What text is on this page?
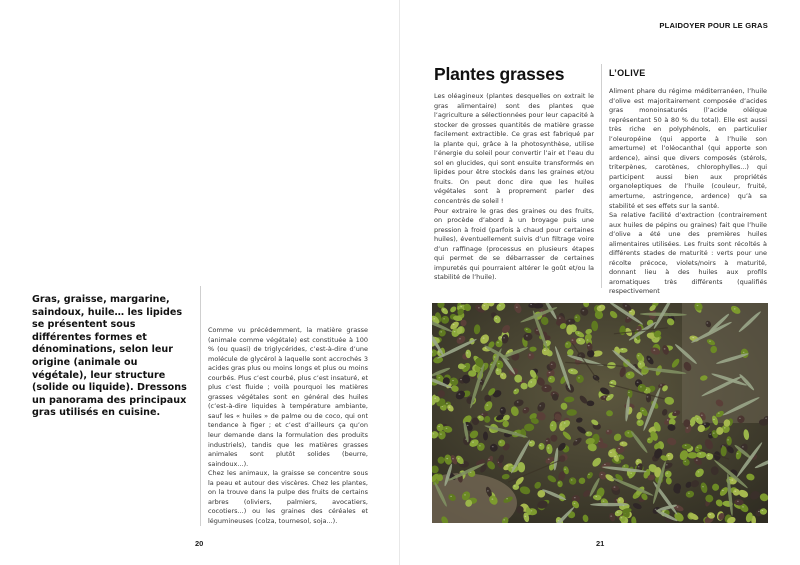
Gras, graisse, margarine, saindoux, huile… les lipides se présentent sous différentes formes et dénominations, selon leur origine (animale ou végétale), leur structure (solide ou liquide). Dressons un panorama des principaux gras utilisés en cuisine.

Comme vu précédemment, la matière grasse (animale comme végétale) est constituée à 100 % (ou quasi) de triglycérides, c’est-à-dire d’une molécule de glycérol à laquelle sont accrochés 3 acides gras plus ou moins longs et plus ou moins courbés. Plus c’est courbé, plus c’est insaturé, et plus c’est fluide ; voilà pourquoi les matières grasses végétales sont en général des huiles (c’est-à-dire liquides à température ambiante, sauf les « huiles » de palme ou de coco, qui ont tendance à figer ; et c’est d’ailleurs ça qu’on leur demande dans la formulation des produits industriels), tandis que les matières grasses animales sont plutôt solides (beurre, saindoux...).

Chez les animaux, la graisse se concentre sous la peau et autour des viscères. Chez les plantes, on la trouve dans la pulpe des fruits de certains arbres (oliviers, palmiers, avocatiers, cocotiers...) ou les graines des céréales et légumineuses (colza, tournesol, soja...).

20
PLAIDOYER POUR LE GRAS
Plantes grasses

Les oléagineux (plantes desquelles on extrait le gras alimentaire) sont des plantes que l’agriculture a sélectionnées pour leur capacité à stocker de grosses quantités de matière grasse facilement extractible. Ce gras est fabriqué par la plante qui, grâce à la photosynthèse, utilise l’énergie du soleil pour convertir l’air et l’eau du sol en glucides, qui sont ensuite transformés en lipides pour être stockés dans les graines et/ou fruits. On peut donc dire que les huiles végétales sont à proprement parler des concentrés de soleil !

Pour extraire le gras des graines ou des fruits, on procède d’abord à un broyage puis une pression à froid (parfois à chaud pour certaines huiles), éventuellement suivis d’un filtrage voire d’un raffinage (processus en plusieurs étapes qui permet de se débarrasser de certaines impuretés qui pourraient altérer le goût et/ou la stabilité de l’huile).

L’OLIVE

Aliment phare du régime méditerranéen, l’huile d’olive est majoritairement composée d’acides gras monoinsaturés (l’acide oléique représentant 50 à 80 % du total). Elle est aussi très riche en polyphénols, en particulier l’oleuropéine (qui apporte à l’huile son amertume) et l’oléocanthal (qui apporte son ardence), ainsi que divers composés (stérols, triterpènes, carotènes, chlorophylles...) qui participent aussi bien aux propriétés organoleptiques de l’huile (couleur, fruité, amertume, astringence, ardence) qu’à sa stabilité et ses effets sur la santé.

Sa relative facilité d’extraction (contrairement aux huiles de pépins ou graines) fait que l’huile d’olive a été une des premières huiles alimentaires utilisées. Les fruits sont récoltés à différents stades de maturité : verts pour une récolte précoce, violets/noirs à maturité, donnant lieu à des huiles aux profils aromatiques très différents (qualifiés respectivement

21
